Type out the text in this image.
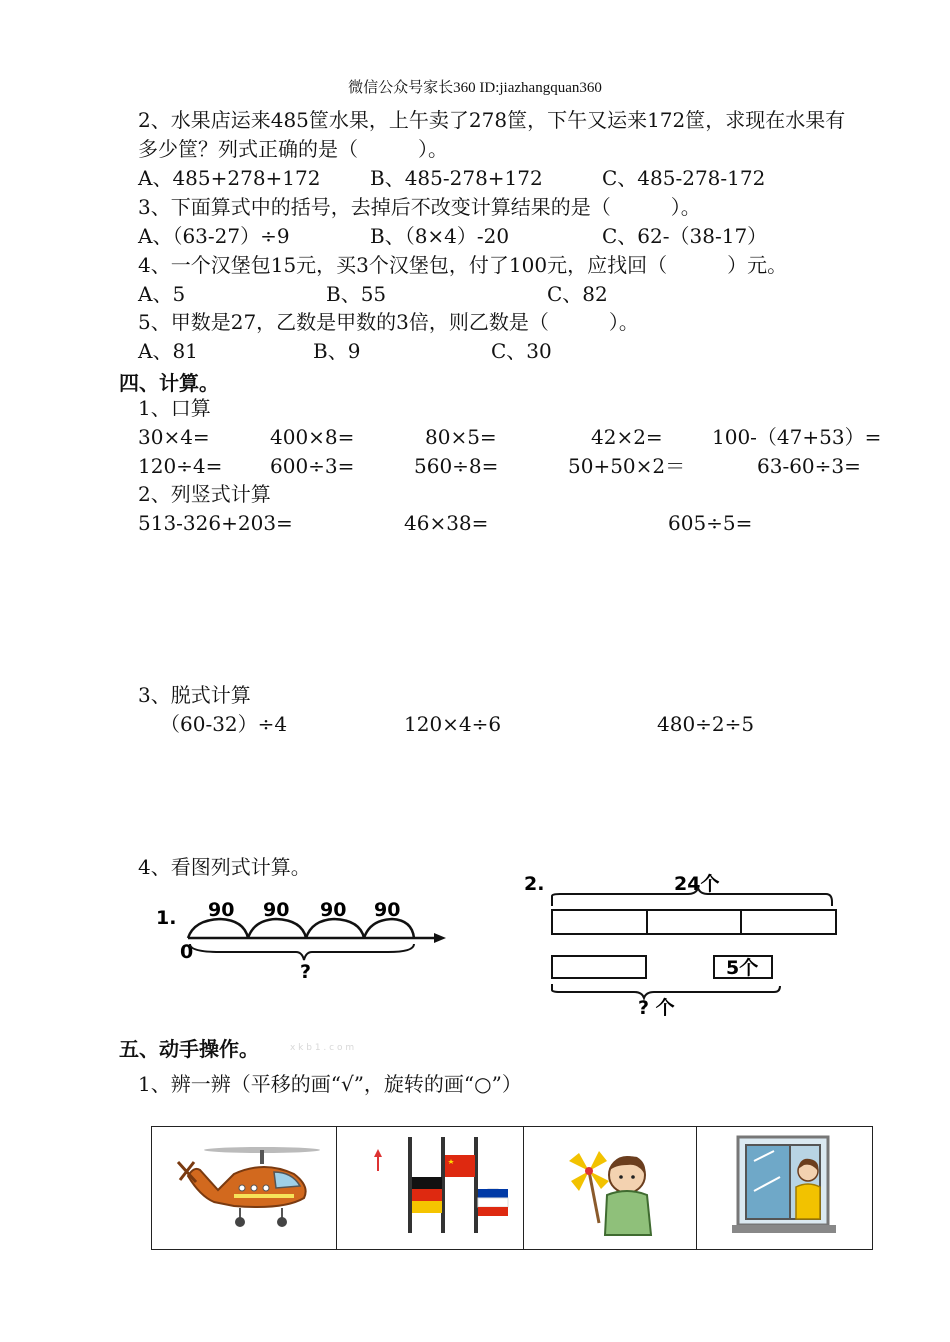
微信公众号家长360 ID:jiazhangquan360
2、水果店运来485筐水果，上午卖了278筐，下午又运来172筐，求现在水果有
多少筐？列式正确的是（　　　）。
A、485+278+172 B、485-278+172	C、485-278-172
3、下面算式中的括号，去掉后不改变计算结果的是（　　　）。
A、（63-27）÷9	B、（8×4）-20	C、62-（38-17）
4、一个汉堡包15元，买3个汉堡包，付了100元，应找回（　　　）元。
A、5	B、55	C、82
5、甲数是27，乙数是甲数的3倍，则乙数是（　　　）。
A、81	B、9	C、30
四、计算。
1、口算
30×4=	400×8=	80×5=	42×2= 100-（47+53）=
120÷4= 600÷3=	560÷8=	50+50×2＝	63-60÷3=
2、列竖式计算
513-326+203=	46×38=	605÷5=
3、脱式计算
（60-32）÷4	120×4÷6	480÷2÷5
4、看图列式计算。
1. 90 90 90 90
0
?
2.	24个
5个
? 个
五、动手操作。	x k b 1 . c o m
1、辨一辨（平移的画“√”，旋转的画“○”）
